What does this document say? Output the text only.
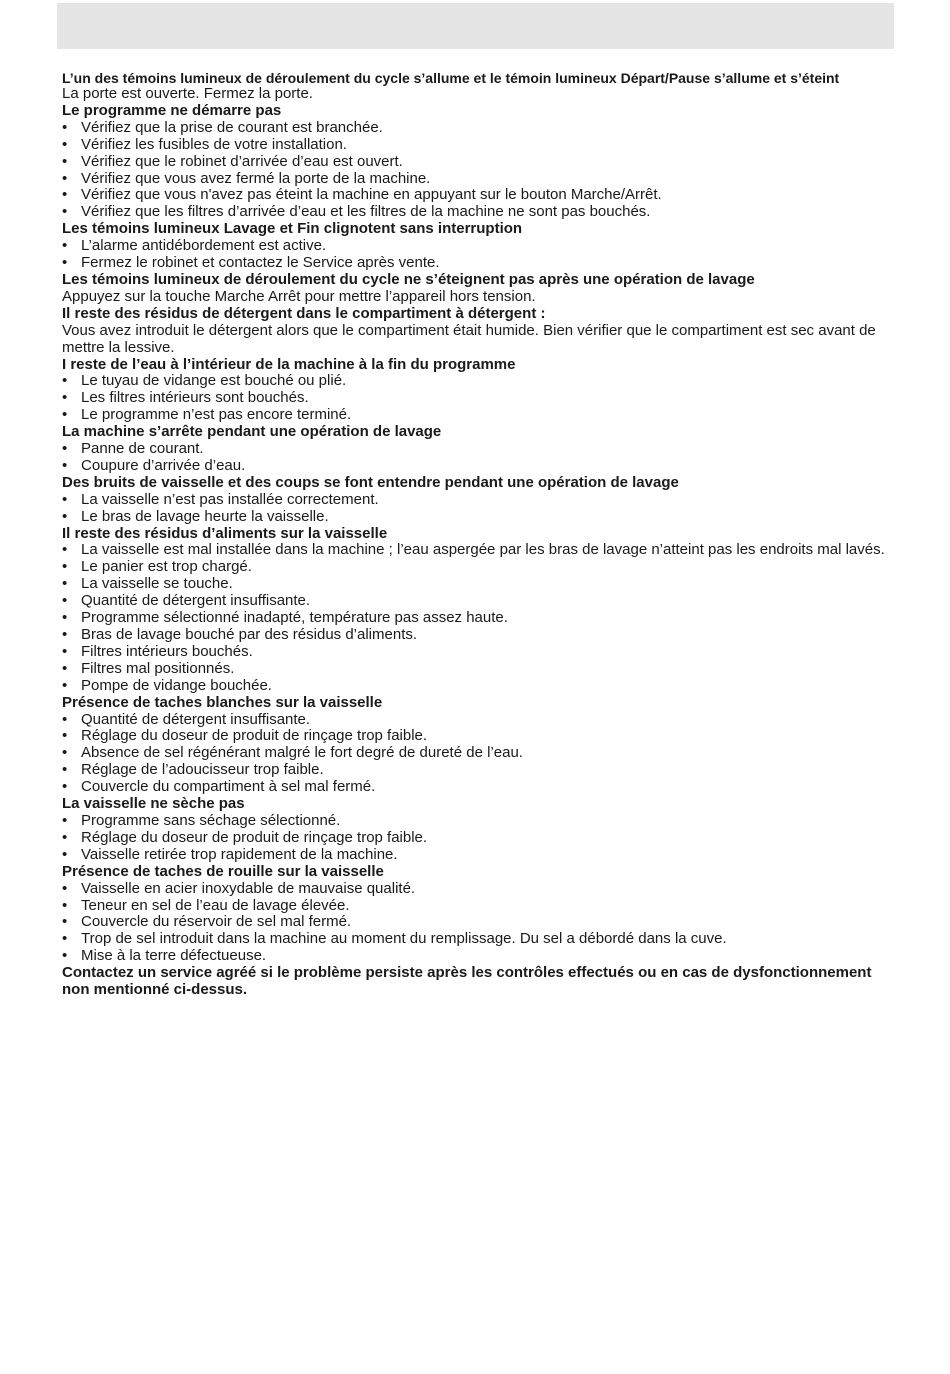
L’un des témoins lumineux de déroulement du cycle s’allume et le témoin lumineux Départ/Pause s’allume et s’éteint

La porte est ouverte. Fermez la porte.

Le programme ne démarre pas

• Vérifiez que la prise de courant est branchée.
• Vérifiez les fusibles de votre installation.
• Vérifiez que le robinet d’arrivée d’eau est ouvert.
• Vérifiez que vous avez fermé la porte de la machine.
• Vérifiez que vous n'avez pas éteint la machine en appuyant sur le bouton Marche/Arrêt.
• Vérifiez que les filtres d’arrivée d’eau et les filtres de la machine ne sont pas bouchés.

Les témoins lumineux Lavage et Fin clignotent sans interruption

• L’alarme antidébordement est active.
• Fermez le robinet et contactez le Service après vente.

Les témoins lumineux de déroulement du cycle ne s’éteignent pas après une opération de lavage

Appuyez sur la touche Marche Arrêt pour mettre l’appareil hors tension.

Il reste des résidus de détergent dans le compartiment à détergent :

Vous avez introduit le détergent alors que le compartiment était humide. Bien vérifier que le compartiment est sec avant de mettre la lessive.

I reste de l’eau à l’intérieur de la machine à la fin du programme

• Le tuyau de vidange est bouché ou plié.
• Les filtres intérieurs sont bouchés.
• Le programme n’est pas encore terminé.

La machine s’arrête pendant une opération de lavage

• Panne de courant.
• Coupure d’arrivée d’eau.

Des bruits de vaisselle et des coups se font entendre pendant une opération de lavage

• La vaisselle n’est pas installée correctement.
• Le bras de lavage heurte la vaisselle.

Il reste des résidus d’aliments sur la vaisselle

• La vaisselle est mal installée dans la machine ; l’eau aspergée par les bras de lavage n’atteint pas les endroits mal lavés.
• Le panier est trop chargé.
• La vaisselle se touche.
• Quantité de détergent insuffisante.
• Programme sélectionné inadapté, température pas assez haute.
• Bras de lavage bouché par des résidus d’aliments.
• Filtres intérieurs bouchés.
• Filtres mal positionnés.
• Pompe de vidange bouchée.

Présence de taches blanches sur la vaisselle

• Quantité de détergent insuffisante.
• Réglage du doseur de produit de rinçage trop faible.
• Absence de sel régénérant malgré le fort degré de dureté de l’eau.
• Réglage de l’adoucisseur trop faible.
• Couvercle du compartiment à sel mal fermé.

La vaisselle ne sèche pas

• Programme sans séchage sélectionné.
• Réglage du doseur de produit de rinçage trop faible.
• Vaisselle retirée trop rapidement de la machine.

Présence de taches de rouille sur la vaisselle

• Vaisselle en acier inoxydable de mauvaise qualité.
• Teneur en sel de l’eau de lavage élevée.
• Couvercle du réservoir de sel mal fermé.
• Trop de sel introduit dans la machine au moment du remplissage. Du sel a débordé dans la cuve.
• Mise à la terre défectueuse.

Contactez un service agréé si le problème persiste après les contrôles effectués ou en cas de dysfonctionnement non mentionné ci-dessus.
